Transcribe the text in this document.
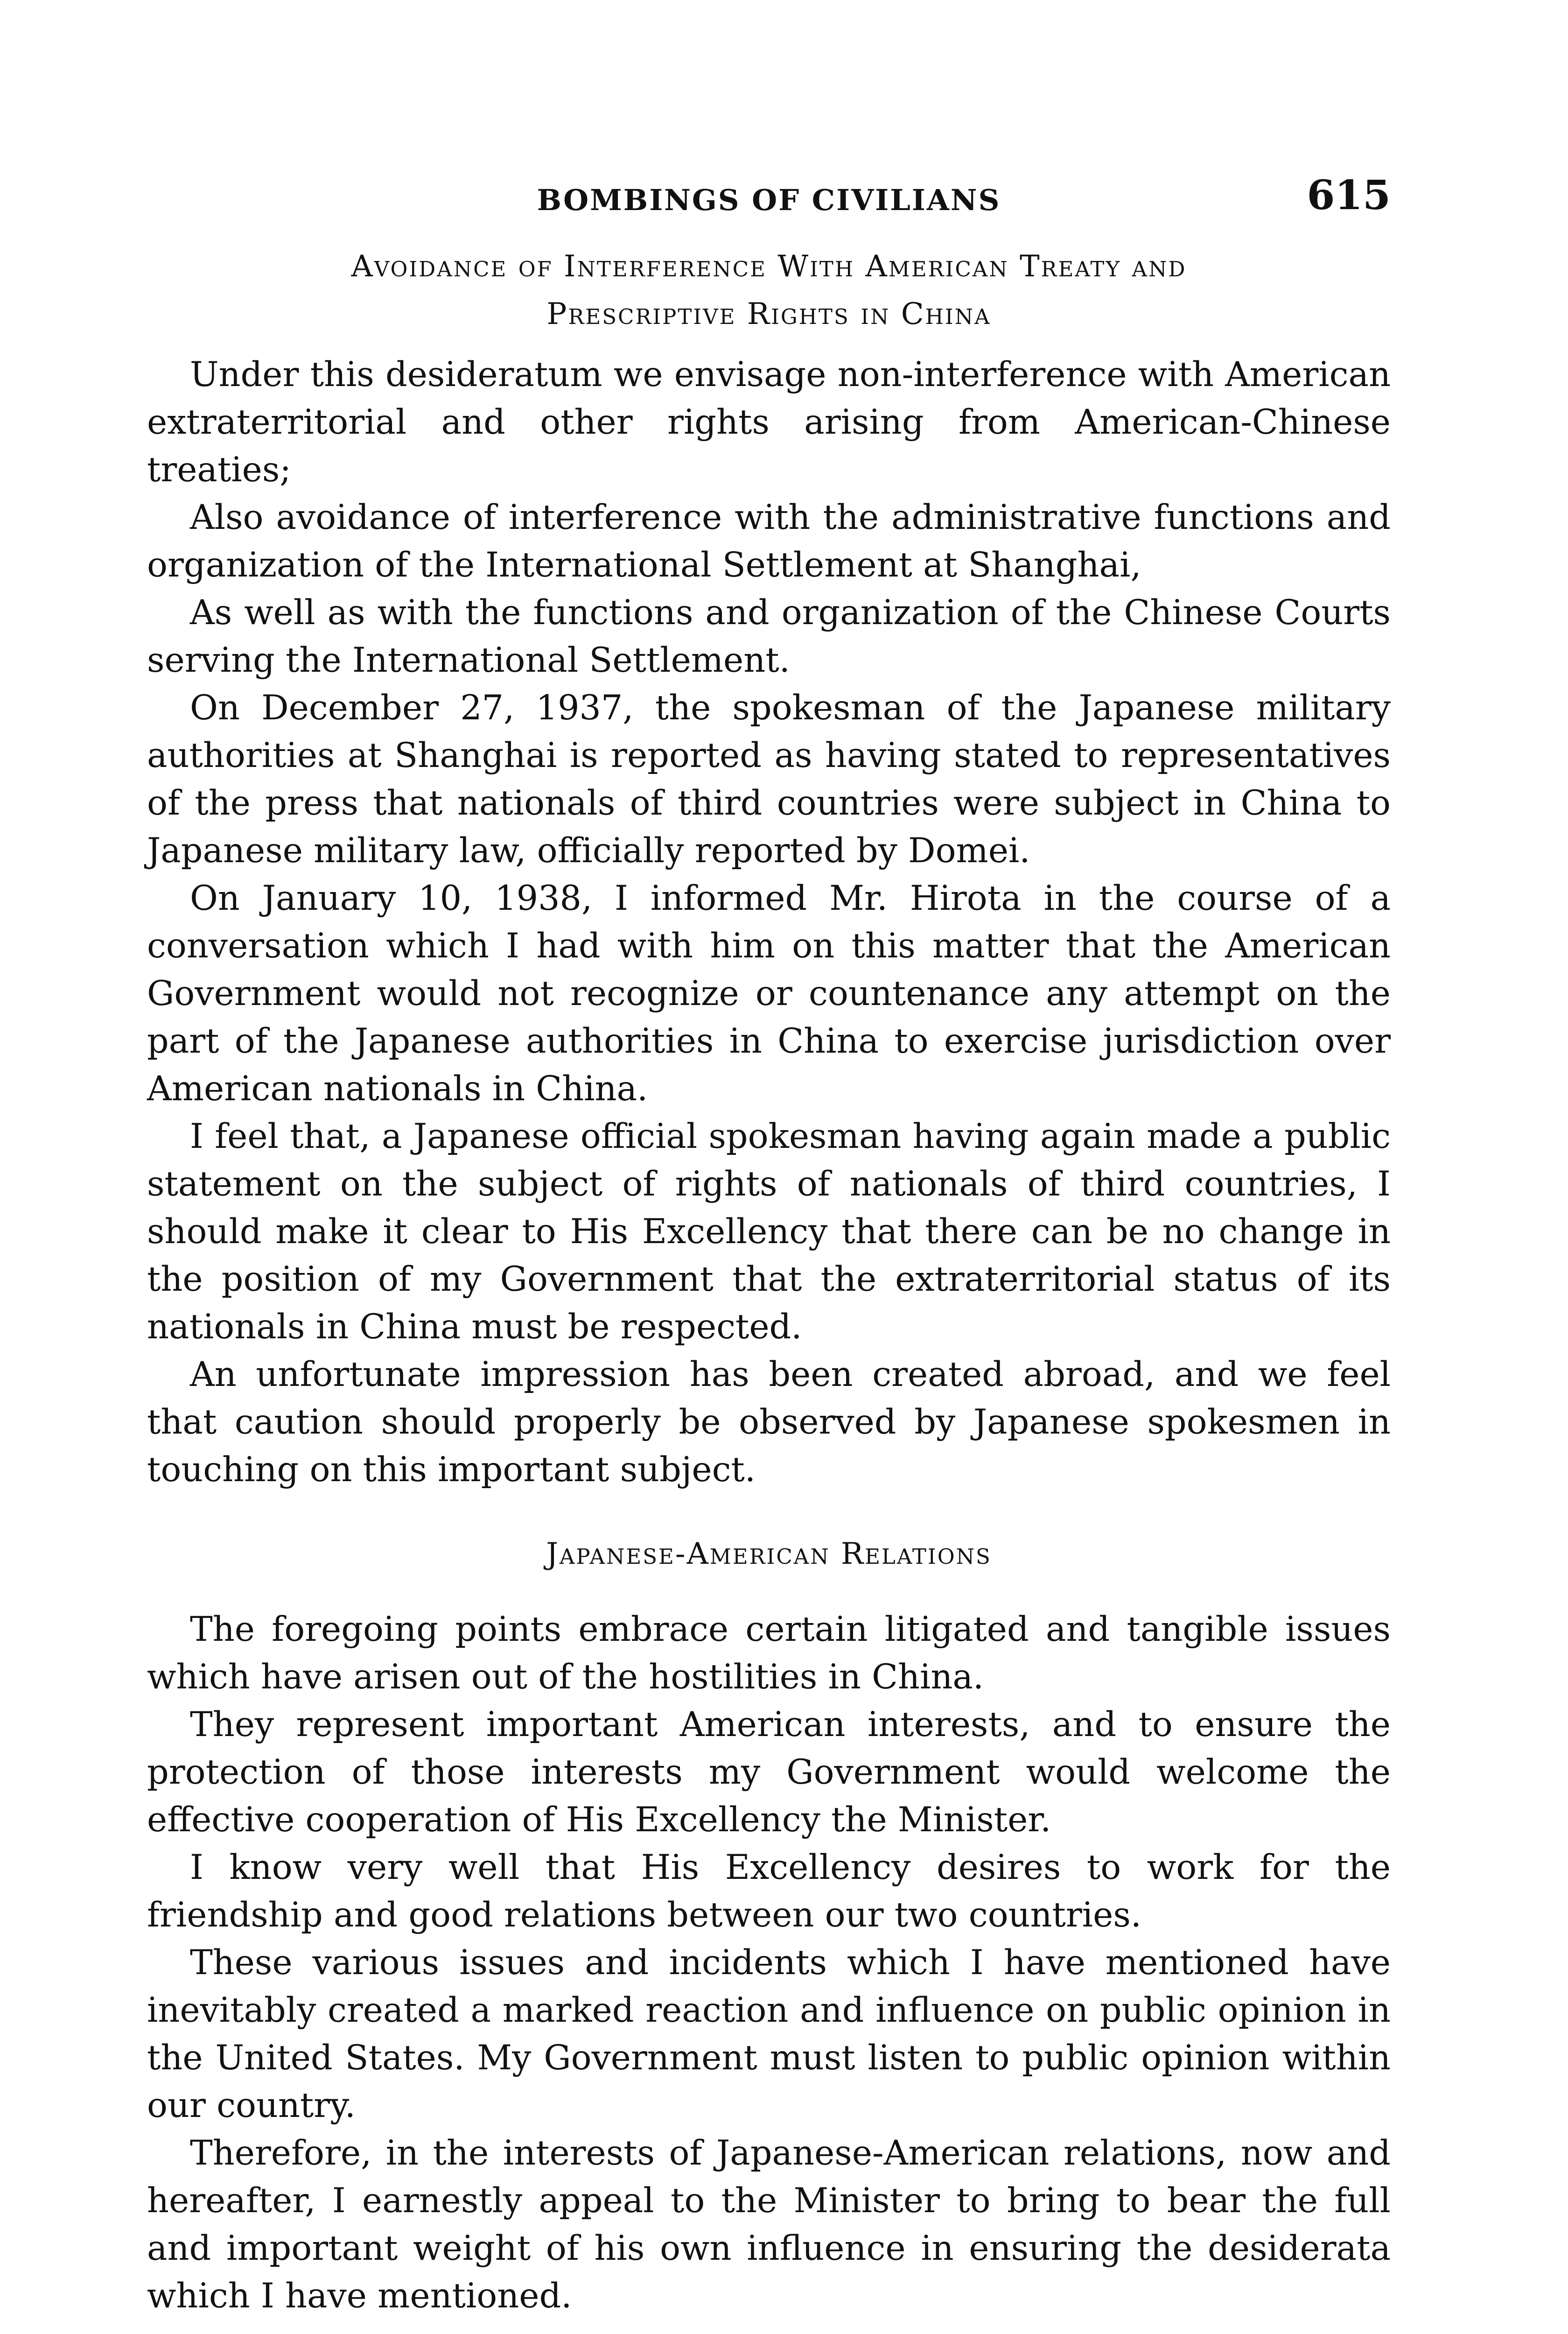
BOMBINGS OF CIVILIANS	615
Avoidance of Interference With American Treaty and
Prescriptive Rights in China

Under this desideratum we envisage non-interference with American extraterritorial and other rights arising from American-Chinese treaties;

Also avoidance of interference with the administrative functions and organization of the International Settlement at Shanghai,

As well as with the functions and organization of the Chinese Courts serving the International Settlement.

On December 27, 1937, the spokesman of the Japanese military authorities at Shanghai is reported as having stated to representatives of the press that nationals of third countries were subject in China to Japanese military law, officially reported by Domei.

On January 10, 1938, I informed Mr. Hirota in the course of a conversation which I had with him on this matter that the American Government would not recognize or countenance any attempt on the part of the Japanese authorities in China to exercise jurisdiction over American nationals in China.

I feel that, a Japanese official spokesman having again made a public statement on the subject of rights of nationals of third countries, I should make it clear to His Excellency that there can be no change in the position of my Government that the extraterritorial status of its nationals in China must be respected.

An unfortunate impression has been created abroad, and we feel that caution should properly be observed by Japanese spokesmen in touching on this important subject.

Japanese-American Relations

The foregoing points embrace certain litigated and tangible issues which have arisen out of the hostilities in China.

They represent important American interests, and to ensure the protection of those interests my Government would welcome the effective cooperation of His Excellency the Minister.

I know very well that His Excellency desires to work for the friendship and good relations between our two countries.

These various issues and incidents which I have mentioned have inevitably created a marked reaction and influence on public opinion in the United States. My Government must listen to public opinion within our country.

Therefore, in the interests of Japanese-American relations, now and hereafter, I earnestly appeal to the Minister to bring to bear the full and important weight of his own influence in ensuring the desiderata which I have mentioned.
